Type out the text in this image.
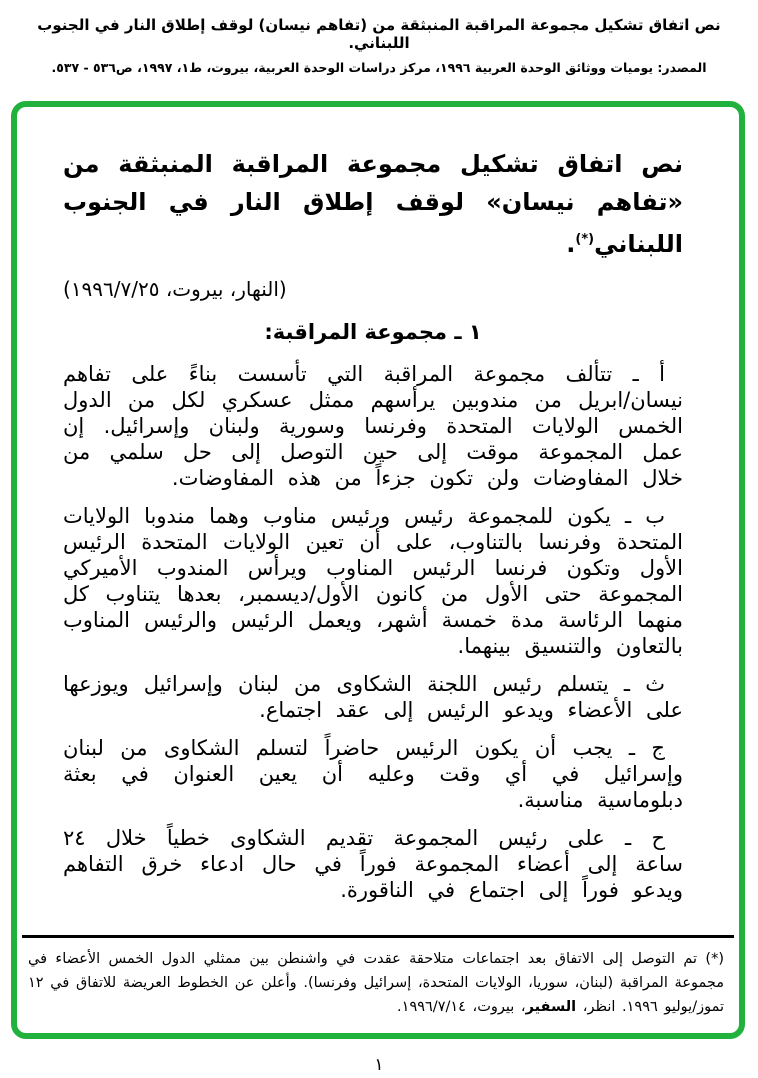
نص اتفاق تشكيل مجموعة المراقبة المنبثقة من (تفاهم نيسان) لوقف إطلاق النار في الجنوب اللبناني.
المصدر: يوميات ووثائق الوحدة العربية ١٩٩٦، مركز دراسات الوحدة العربية، بيروت، ط١، ١٩٩٧، ص٥٣٦ - ٥٣٧.
نص اتفاق تشكيل مجموعة المراقبة المنبثقة من «تفاهم نيسان» لوقف إطلاق النار في الجنوب اللبناني(*).
(النهار، بيروت، ١٩٩٦/٧/٢٥)
١ ـ مجموعة المراقبة:

أ ـ تتألف مجموعة المراقبة التي تأسست بناءً على تفاهم نيسان/ابريل من مندوبين يرأسهم ممثل عسكري لكل من الدول الخمس الولايات المتحدة وفرنسا وسورية ولبنان وإسرائيل. إن عمل المجموعة موقت إلى حين التوصل إلى حل سلمي من خلال المفاوضات ولن تكون جزءاً من هذه المفاوضات.

ب ـ يكون للمجموعة رئيس ورئيس مناوب وهما مندوبا الولايات المتحدة وفرنسا بالتناوب، على أن تعين الولايات المتحدة الرئيس الأول وتكون فرنسا الرئيس المناوب ويرأس المندوب الأميركي المجموعة حتى الأول من كانون الأول/ديسمبر، بعدها يتناوب كل منهما الرئاسة مدة خمسة أشهر، ويعمل الرئيس والرئيس المناوب بالتعاون والتنسيق بينهما.

ث ـ يتسلم رئيس اللجنة الشكاوى من لبنان وإسرائيل ويوزعها على الأعضاء ويدعو الرئيس إلى عقد اجتماع.

ج ـ يجب أن يكون الرئيس حاضراً لتسلم الشكاوى من لبنان وإسرائيل في أي وقت وعليه أن يعين العنوان في بعثة دبلوماسية مناسبة.

ح ـ على رئيس المجموعة تقديم الشكاوى خطياً خلال ٢٤ ساعة إلى أعضاء المجموعة فوراً في حال ادعاء خرق التفاهم ويدعو فوراً إلى اجتماع في الناقورة.

(*) تم التوصل إلى الاتفاق بعد اجتماعات متلاحقة عقدت في واشنطن بين ممثلي الدول الخمس الأعضاء في مجموعة المراقبة (لبنان، سوريا، الولايات المتحدة، إسرائيل وفرنسا). وأعلن عن الخطوط العريضة للاتفاق في ١٢ تموز/يوليو ١٩٩٦. انظر، السفير، بيروت، ١٩٩٦/٧/١٤.
١
